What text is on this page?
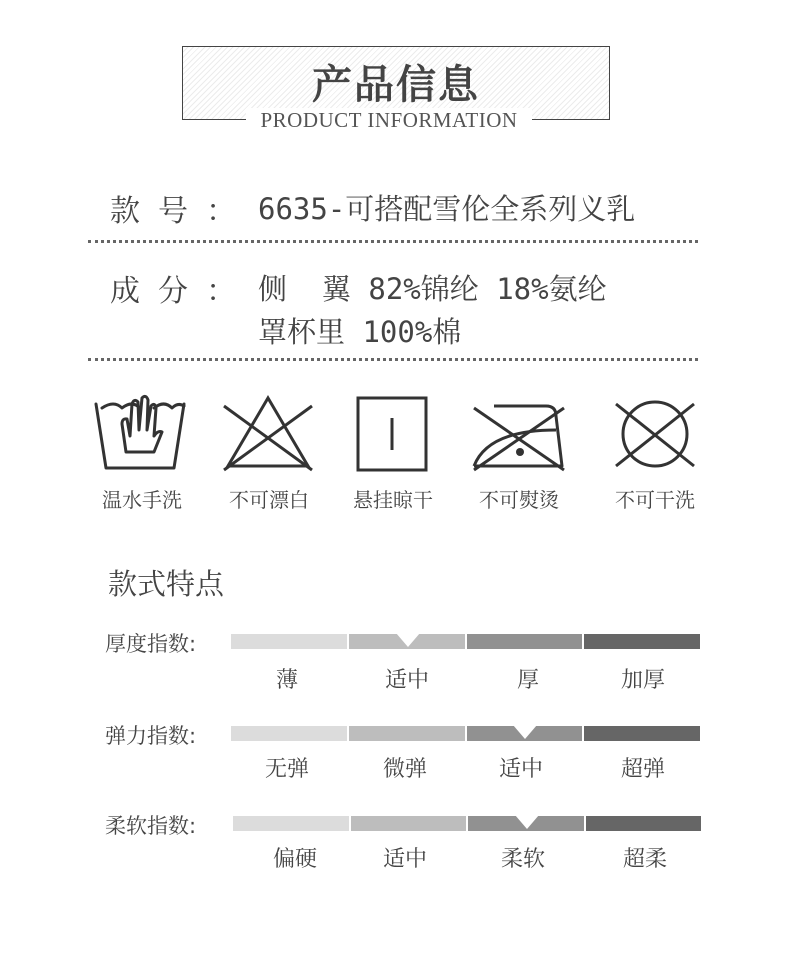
产品信息
PRODUCT INFORMATION
款 号 ： 6635-可搭配雪伦全系列义乳
成 分 ： 侧  翼 82%锦纶 18%氨纶
罩杯里 100%棉
温水手洗	不可漂白	悬挂晾干	不可熨烫	不可干洗
款式特点
厚度指数:
薄	适中	厚	加厚
弹力指数:
无弹	微弹	适中	超弹
柔软指数:
偏硬	适中	柔软	超柔
